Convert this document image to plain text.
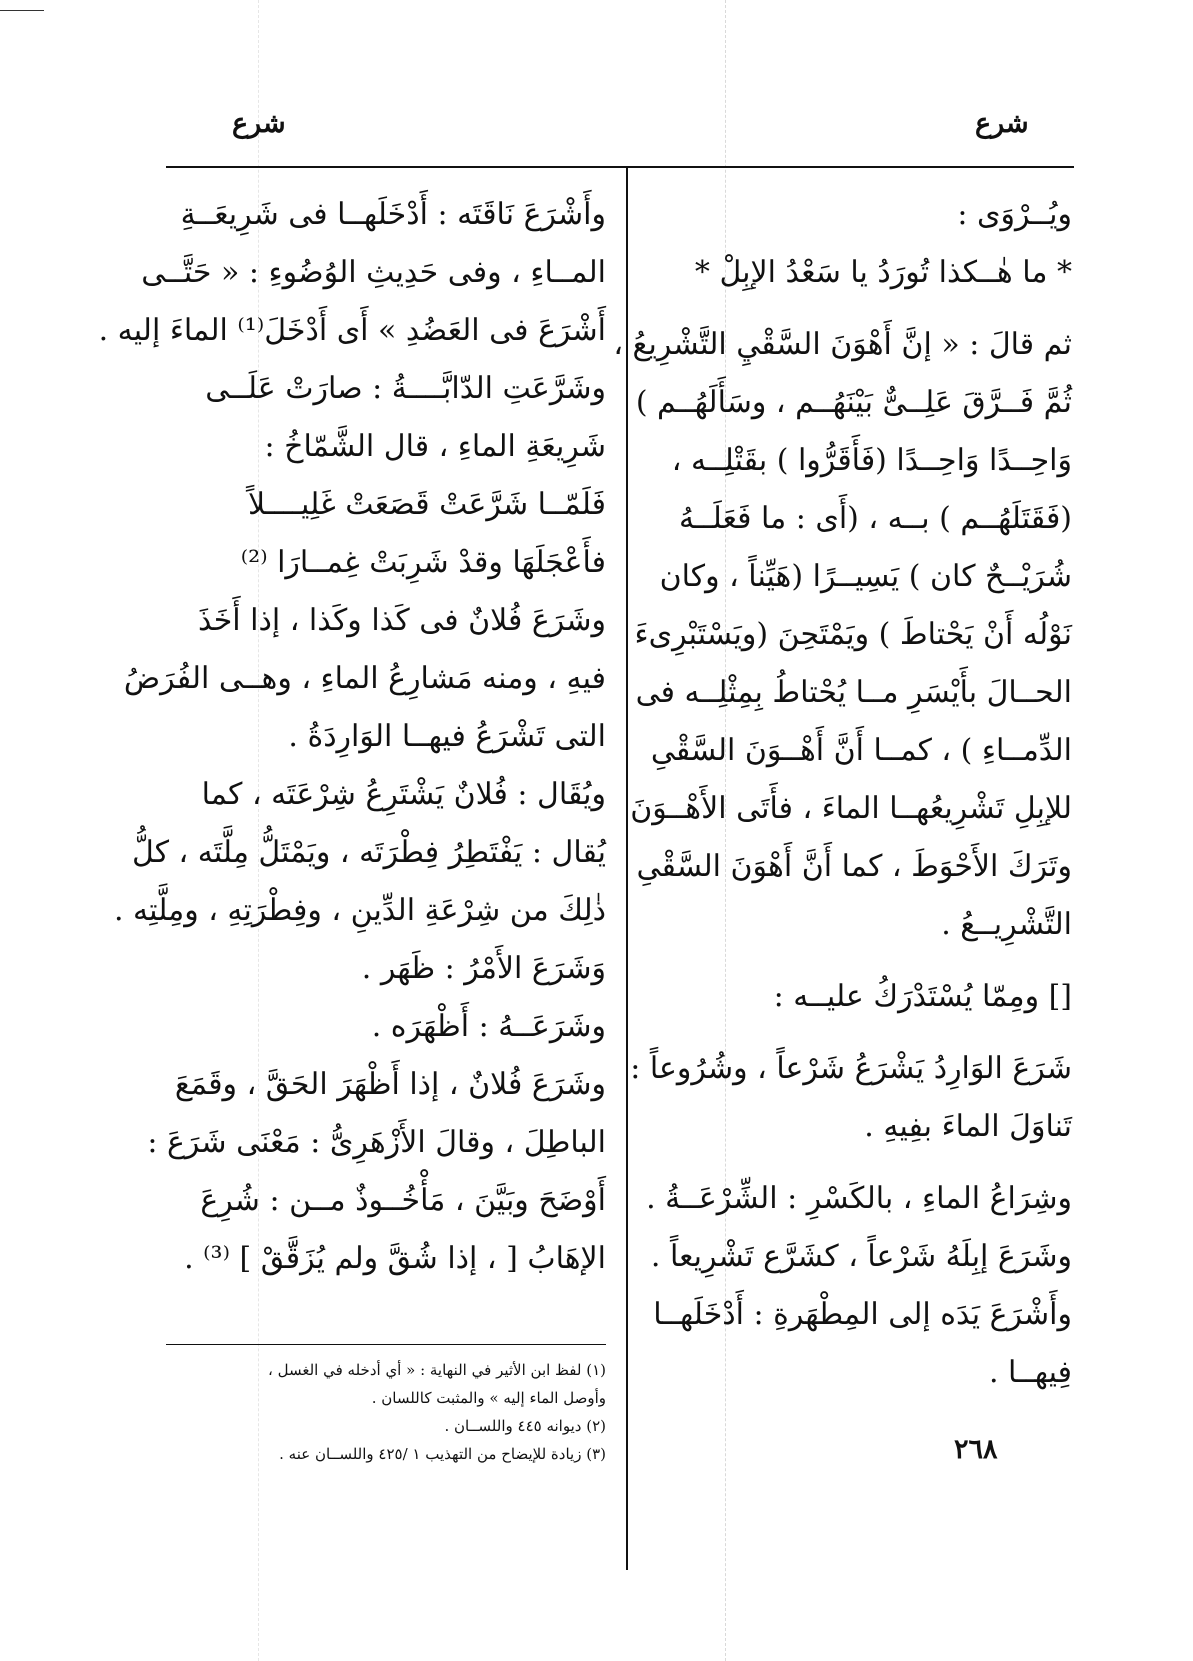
شرع
شرع
ويُــرْوَى :
* ما هٰــكذا تُورَدُ يا سَعْدُ الإبِلْ *
ثم قالَ : « إنَّ أَهْوَنَ السَّقْيِ التَّشْرِيعُ ،
ثُمَّ فَــرَّقَ عَلِــىٌّ بَيْنَهُــم ، وسَأَلَهُــم )
وَاحِــدًا وَاحِــدًا (فَأَقَرُّوا ) بقَتْلِــه ،
(فَقَتَلَهُــم ) بــه ، (أَى : ما فَعَلَــهُ
شُرَيْــحٌ كان ) يَسِيــرًا (هَيِّناً ، وكان
نَوْلُه أَنْ يَحْتاطَ ) ويَمْتَحِنَ (ويَسْتَبْرِىءَ
الحــالَ بأَيْسَرِ مــا يُحْتاطُ بِمِثْلِــه فى
الدِّمــاءِ ) ، كمــا أَنَّ أَهْــوَنَ السَّقْىِ
للإبِلِ تَشْرِيعُهــا الماءَ ، فأَتَى الأَهْــوَنَ
وتَرَكَ الأَحْوَطَ ، كما أَنَّ أَهْوَنَ السَّقْىِ
التَّشْرِيــعُ .
[] ومِمّا يُسْتَدْرَكُ عليــه :
شَرَعَ الوَارِدُ يَشْرَعُ شَرْعاً ، وشُرُوعاً :
تَناوَلَ الماءَ بفِيهِ .
وشِرَاعُ الماءِ ، بالكَسْرِ : الشِّرْعَــةُ .
وشَرَعَ إبِلَهُ شَرْعاً ، كشَرَّع تَشْرِيعاً .
وأَشْرَعَ يَدَه إلى المِطْهَرةِ : أَدْخَلَهــا
فِيهــا .
وأَشْرَعَ نَاقَتَه : أَدْخَلَهــا فى شَرِيعَــةِ
المــاءِ ، وفى حَدِيثِ الوُضُوءِ : « حَتَّــى
أَشْرَعَ فى العَضُدِ » أَى أَدْخَلَ⁽¹⁾ الماءَ إليه .
وشَرَّعَتِ الدّابَّــــةُ : صارَتْ عَلَــى
شَرِيعَةِ الماءِ ، قال الشَّمّاخُ :
فَلَمّــا شَرَّعَتْ قَصَعَتْ غَلِيــــلاً
فأَعْجَلَهَا وقدْ شَرِبَتْ غِمــارَا ⁽²⁾
وشَرَعَ فُلانٌ فى كَذا وكَذا ، إذا أَخَذَ
فيهِ ، ومنه مَشارِعُ الماءِ ، وهــى الفُرَضُ
التى تَشْرَعُ فيهــا الوَارِدَةُ .
ويُقَال : فُلانٌ يَشْتَرِعُ شِرْعَتَه ، كما
يُقال : يَفْتَطِرُ فِطْرَتَه ، ويَمْتَلُّ مِلَّتَه ، كلُّ
ذٰلِكَ من شِرْعَةِ الدِّينِ ، وفِطْرَتِهِ ، ومِلَّتِه .
وَشَرَعَ الأَمْرُ : ظَهَر .
وشَرَعَــهُ : أَظْهَرَه .
وشَرَعَ فُلانٌ ، إذا أَظْهَرَ الحَقَّ ، وقَمَعَ
الباطِلَ ، وقالَ الأَزْهَرِىُّ : مَعْنَى شَرَعَ :
أَوْضَحَ وبَيَّنَ ، مَأْخُــوذٌ مــن : شُرِعَ
الإهَابُ [ ، إذا شُقَّ ولم يُزَقَّقْ ] ⁽³⁾ .
(١) لفظ ابن الأثير في النهاية : « أي أدخله في الغسل ،
وأوصل الماء إليه » والمثبت كاللسان .
(٢) ديوانه ٤٤٥ واللســان .
(٣) زيادة للإيضاح من التهذيب ١ /٤٢٥ واللســان عنه .	٢٦٨
